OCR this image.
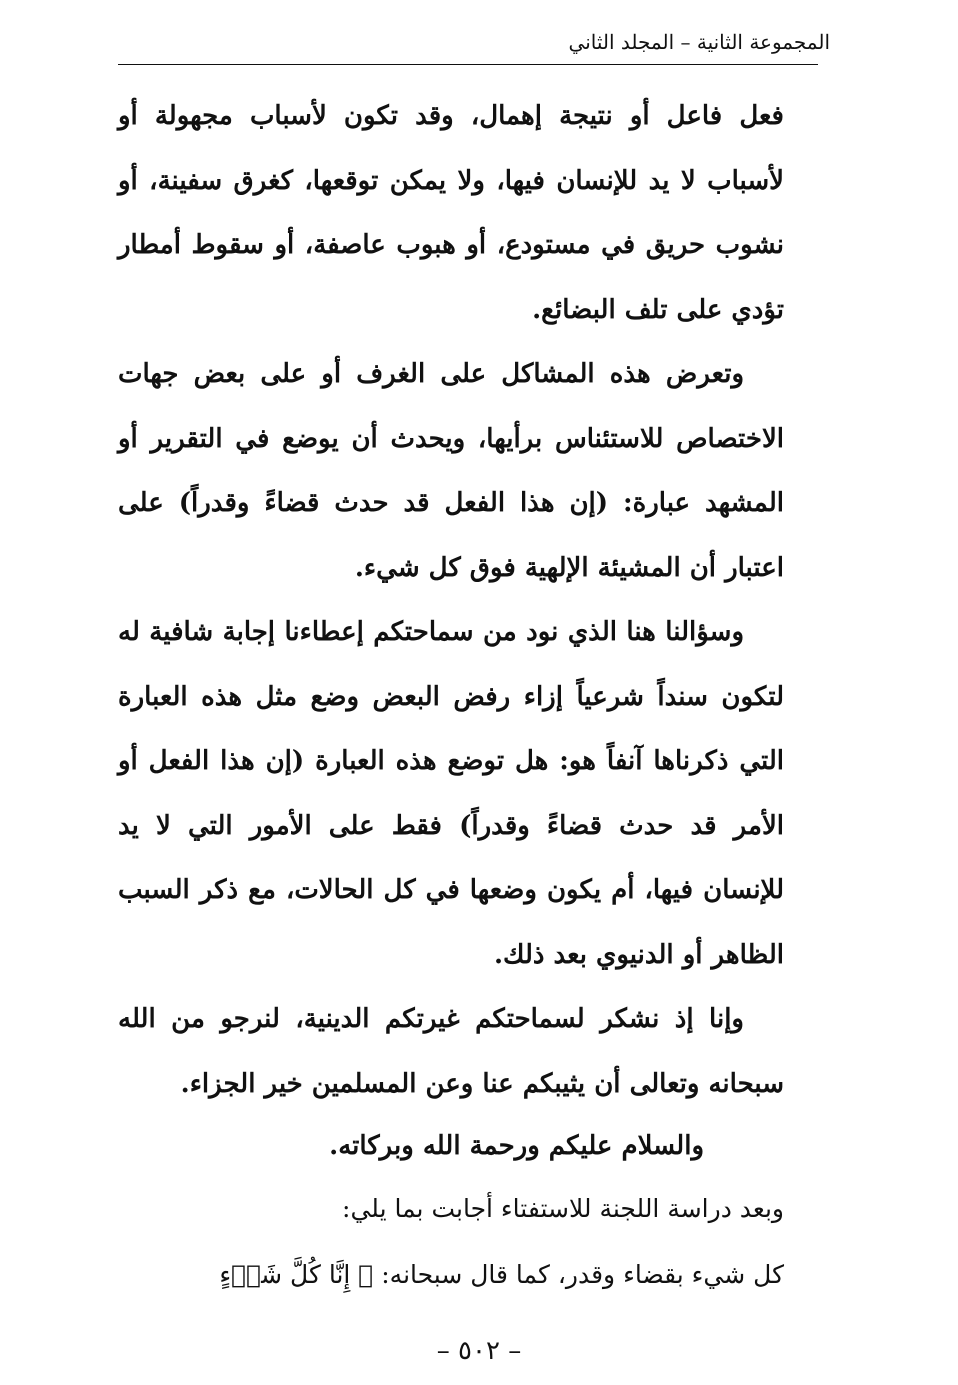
المجموعة الثانية – المجلد الثاني

فعل فاعل أو نتيجة إهمال، وقد تكون لأسباب مجهولة أو لأسباب لا يد للإنسان فيها، ولا يمكن توقعها، كغرق سفينة، أو نشوب حريق في مستودع، أو هبوب عاصفة، أو سقوط أمطار تؤدي على تلف البضائع.

وتعرض هذه المشاكل على الغرف أو على بعض جهات الاختصاص للاستئناس برأيها، ويحدث أن يوضع في التقرير أو المشهد عبارة: (إن هذا الفعل قد حدث قضاءً وقدراً) على اعتبار أن المشيئة الإلهية فوق كل شيء.

وسؤالنا هنا الذي نود من سماحتكم إعطاءنا إجابة شافية له لتكون سنداً شرعياً إزاء رفض البعض وضع مثل هذه العبارة التي ذكرناها آنفاً هو: هل توضع هذه العبارة (إن هذا الفعل أو الأمر قد حدث قضاءً وقدراً) فقط على الأمور التي لا يد للإنسان فيها، أم يكون وضعها في كل الحالات، مع ذكر السبب الظاهر أو الدنيوي بعد ذلك.

وإنا إذ نشكر لسماحتكم غيرتكم الدينية، لنرجو من الله سبحانه وتعالى أن يثيبكم عنا وعن المسلمين خير الجزاء.

والسلام عليكم ورحمة الله وبركاته.

وبعد دراسة اللجنة للاستفتاء أجابت بما يلي:

كل شيء بقضاء وقدر، كما قال سبحانه: ﴿ إِنَّا كُلَّ شَىۡءٍ

– ٥٠٢ –
